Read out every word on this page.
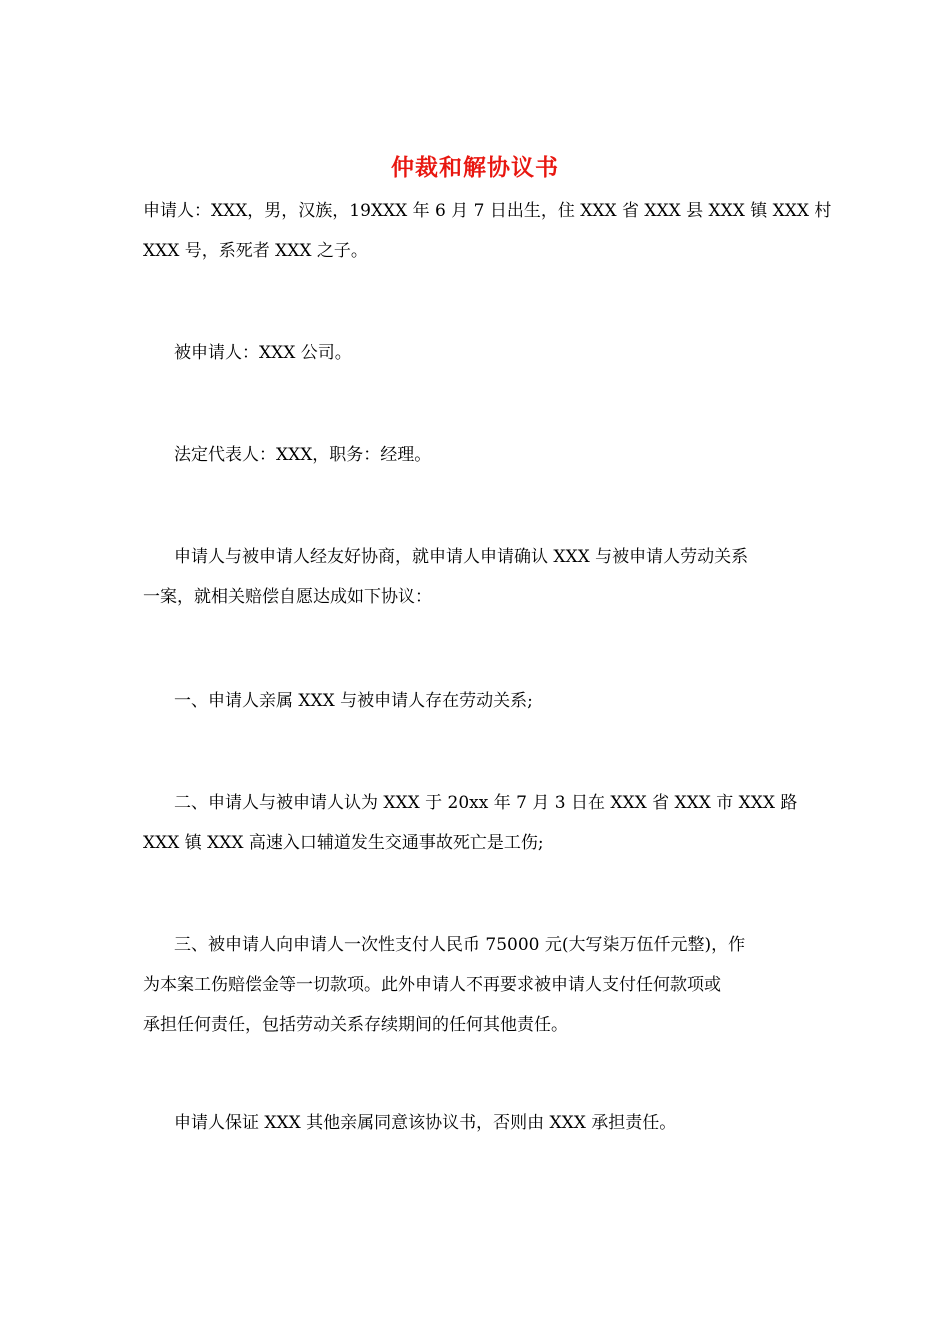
仲裁和解协议书
申请人：XXX，男，汉族，19XXX 年 6 月 7 日出生，住 XXX 省 XXX 县 XXX 镇 XXX 村
XXX 号，系死者 XXX 之子。
被申请人：XXX 公司。
法定代表人：XXX，职务：经理。
申请人与被申请人经友好协商，就申请人申请确认 XXX 与被申请人劳动关系
一案，就相关赔偿自愿达成如下协议：
一、申请人亲属 XXX 与被申请人存在劳动关系;
二、申请人与被申请人认为 XXX 于 20xx 年 7 月 3 日在 XXX 省 XXX 市 XXX 路
XXX 镇 XXX 高速入口辅道发生交通事故死亡是工伤;
三、被申请人向申请人一次性支付人民币 75000 元(大写柒万伍仟元整)，作
为本案工伤赔偿金等一切款项。此外申请人不再要求被申请人支付任何款项或
承担任何责任，包括劳动关系存续期间的任何其他责任。
申请人保证 XXX 其他亲属同意该协议书，否则由 XXX 承担责任。
